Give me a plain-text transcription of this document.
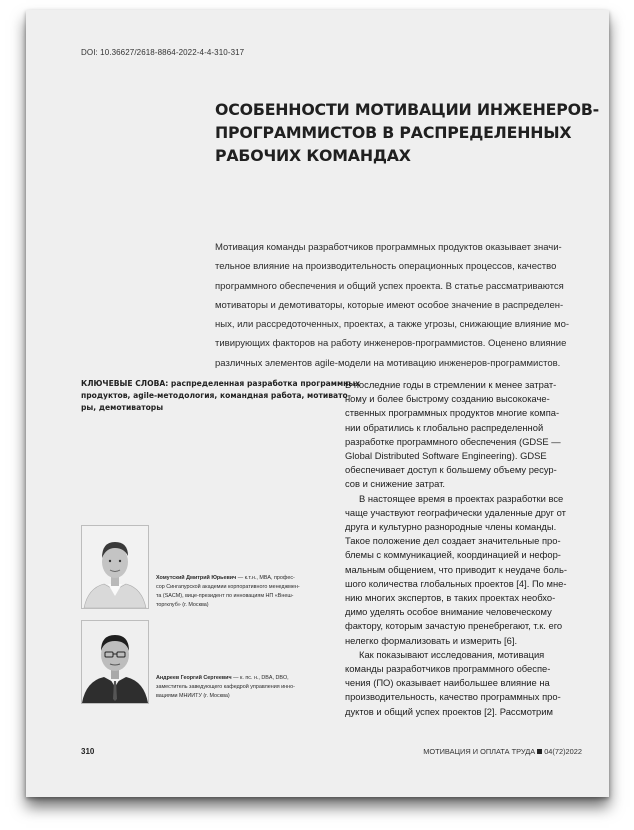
DOI: 10.36627/2618-8864-2022-4-4-310-317
ОСОБЕННОСТИ МОТИВАЦИИ ИНЖЕНЕРОВ-
ПРОГРАММИСТОВ В РАСПРЕДЕЛЕННЫХ
РАБОЧИХ КОМАНДАХ
Мотивация команды разработчиков программных продуктов оказывает значи-
тельное влияние на производительность операционных процессов, качество
программного обеспечения и общий успех проекта. В статье рассматриваются
мотиваторы и демотиваторы, которые имеют особое значение в распределен-
ных, или рассредоточенных, проектах, а также угрозы, снижающие влияние мо-
тивирующих факторов на работу инженеров-программистов. Оценено влияние
различных элементов agile-модели на мотивацию инженеров-программистов.
КЛЮЧЕВЫЕ СЛОВА: распределенная разработка программных
продуктов, agile-методология, командная работа, мотивато-
ры, демотиваторы
В последние годы в стремлении к менее затрат-
ному и более быстрому созданию высококаче-
ственных программных продуктов многие компа-
нии обратились к глобально распределенной
разработке программного обеспечения (GDSE —
Global Distributed Software Engineering). GDSE
обеспечивает доступ к большему объему ресур-
сов и снижение затрат.
В настоящее время в проектах разработки все
чаще участвуют географически удаленные друг от
друга и культурно разнородные члены команды.
Такое положение дел создает значительные про-
блемы с коммуникацией, координацией и нефор-
мальным общением, что приводит к неудаче боль-
шого количества глобальных проектов [4]. По мне-
нию многих экспертов, в таких проектах необхо-
димо уделять особое внимание человеческому
фактору, которым зачастую пренебрегают, т.к. его
нелегко формализовать и измерить [6].
Как показывают исследования, мотивация
команды разработчиков программного обеспе-
чения (ПО) оказывает наибольшее влияние на
производительность, качество программных про-
дуктов и общий успех проектов [2]. Рассмотрим
Хомутский Дмитрий Юрьевич — к.т.н., MBA, профес-
сор Сингапурской академии корпоративного менеджмен-
та (SACM), вице-президент по инновациям НП «Внеш-
торгклуб» (г. Москва)
Андреев Георгий Сергеевич — к. пс. н., DBA, DBO,
заместитель заведующего кафедрой управления инно-
вациями МНИИТУ (г. Москва)
310	МОТИВАЦИЯ И ОПЛАТА ТРУДА 04(72)2022
